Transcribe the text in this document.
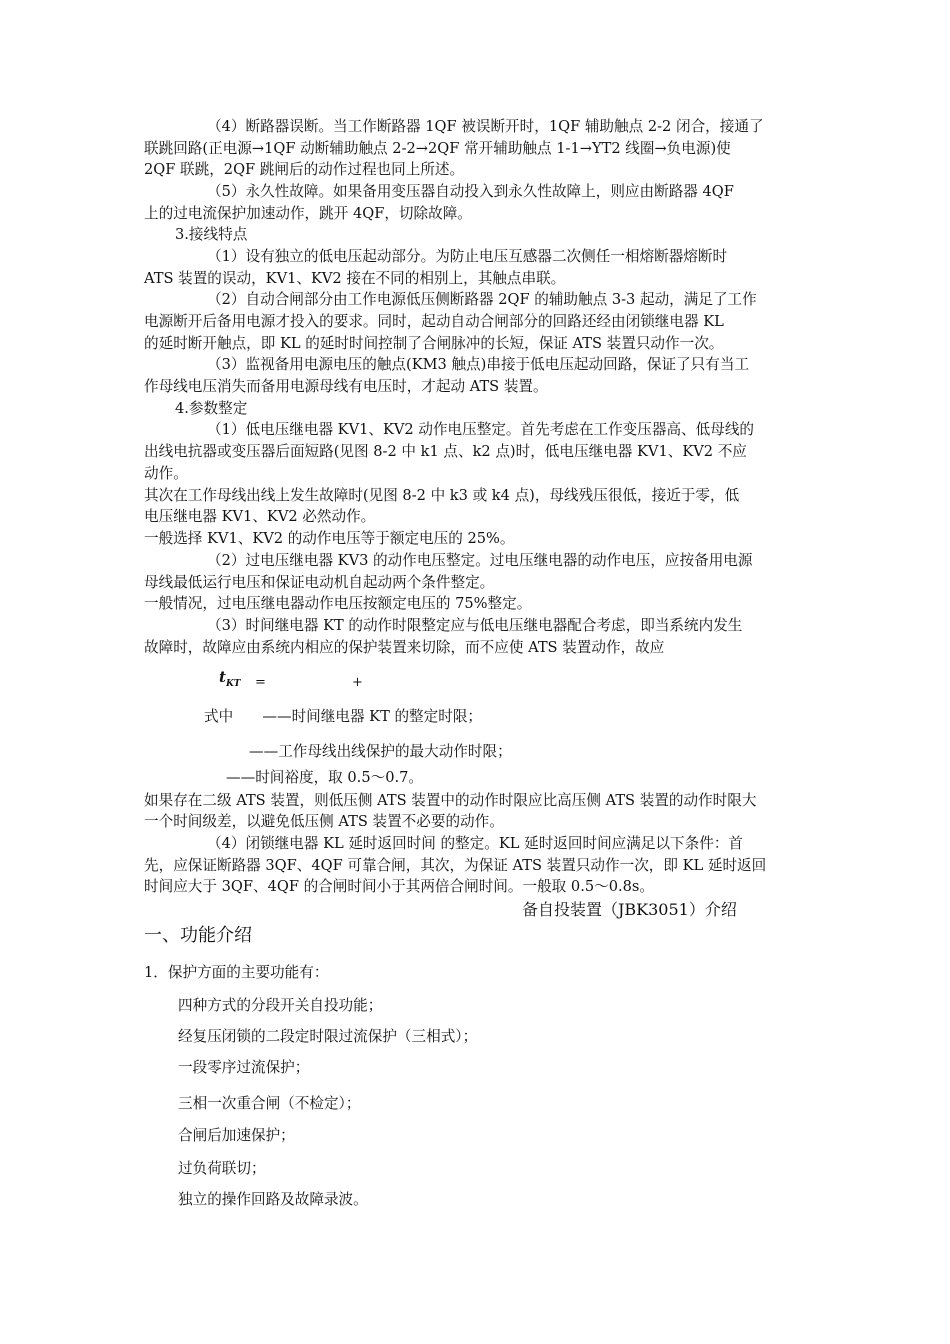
（4）断路器误断。当工作断路器 1QF 被误断开时，1QF 辅助触点 2-2 闭合，接通了
联跳回路(正电源→1QF 动断辅助触点 2-2→2QF 常开辅助触点 1-1→YT2 线圈→负电源)使
2QF 联跳，2QF 跳闸后的动作过程也同上所述。
（5）永久性故障。如果备用变压器自动投入到永久性故障上，则应由断路器 4QF
上的过电流保护加速动作，跳开 4QF，切除故障。
3.接线特点
（1）设有独立的低电压起动部分。为防止电压互感器二次侧任一相熔断器熔断时
ATS 装置的误动，KV1、KV2 接在不同的相别上，其触点串联。
（2）自动合闸部分由工作电源低压侧断路器 2QF 的辅助触点 3-3 起动，满足了工作
电源断开后备用电源才投入的要求。同时，起动自动合闸部分的回路还经由闭锁继电器 KL
的延时断开触点，即 KL 的延时时间控制了合闸脉冲的长短，保证 ATS 装置只动作一次。
（3）监视备用电源电压的触点(KM3 触点)串接于低电压起动回路，保证了只有当工
作母线电压消失而备用电源母线有电压时，才起动 ATS 装置。
4.参数整定
（1）低电压继电器 KV1、KV2 动作电压整定。首先考虑在工作变压器高、低母线的
出线电抗器或变压器后面短路(见图 8-2 中 k1 点、k2 点)时，低电压继电器 KV1、KV2 不应
动作。
其次在工作母线出线上发生故障时(见图 8-2 中 k3 或 k4 点)，母线残压很低，接近于零，低
电压继电器 KV1、KV2 必然动作。
一般选择 KV1、KV2 的动作电压等于额定电压的 25%。
（2）过电压继电器 KV3 的动作电压整定。过电压继电器的动作电压，应按备用电源
母线最低运行电压和保证电动机自起动两个条件整定。
一般情况，过电压继电器动作电压按额定电压的 75%整定。
（3）时间继电器 KT 的动作时限整定应与低电压继电器配合考虑，即当系统内发生
故障时，故障应由系统内相应的保护装置来切除，而不应使 ATS 装置动作，故应
$t_{KT}$ =	+
式中　　——时间继电器 KT 的整定时限；
——工作母线出线保护的最大动作时限；
——时间裕度，取 0.5～0.7。
如果存在二级 ATS 装置，则低压侧 ATS 装置中的动作时限应比高压侧 ATS 装置的动作时限大
一个时间级差，以避免低压侧 ATS 装置不必要的动作。
（4）闭锁继电器 KL 延时返回时间 的整定。KL 延时返回时间应满足以下条件：首
先，应保证断路器 3QF、4QF 可靠合闸，其次，为保证 ATS 装置只动作一次，即 KL 延时返回
时间应大于 3QF、4QF 的合闸时间小于其两倍合闸时间。一般取 0.5～0.8s。
备自投装置（JBK3051）介绍
一、功能介绍
1．保护方面的主要功能有：
四种方式的分段开关自投功能；
经复压闭锁的二段定时限过流保护（三相式）；
一段零序过流保护；
三相一次重合闸（不检定）；
合闸后加速保护；
过负荷联切；
独立的操作回路及故障录波。
